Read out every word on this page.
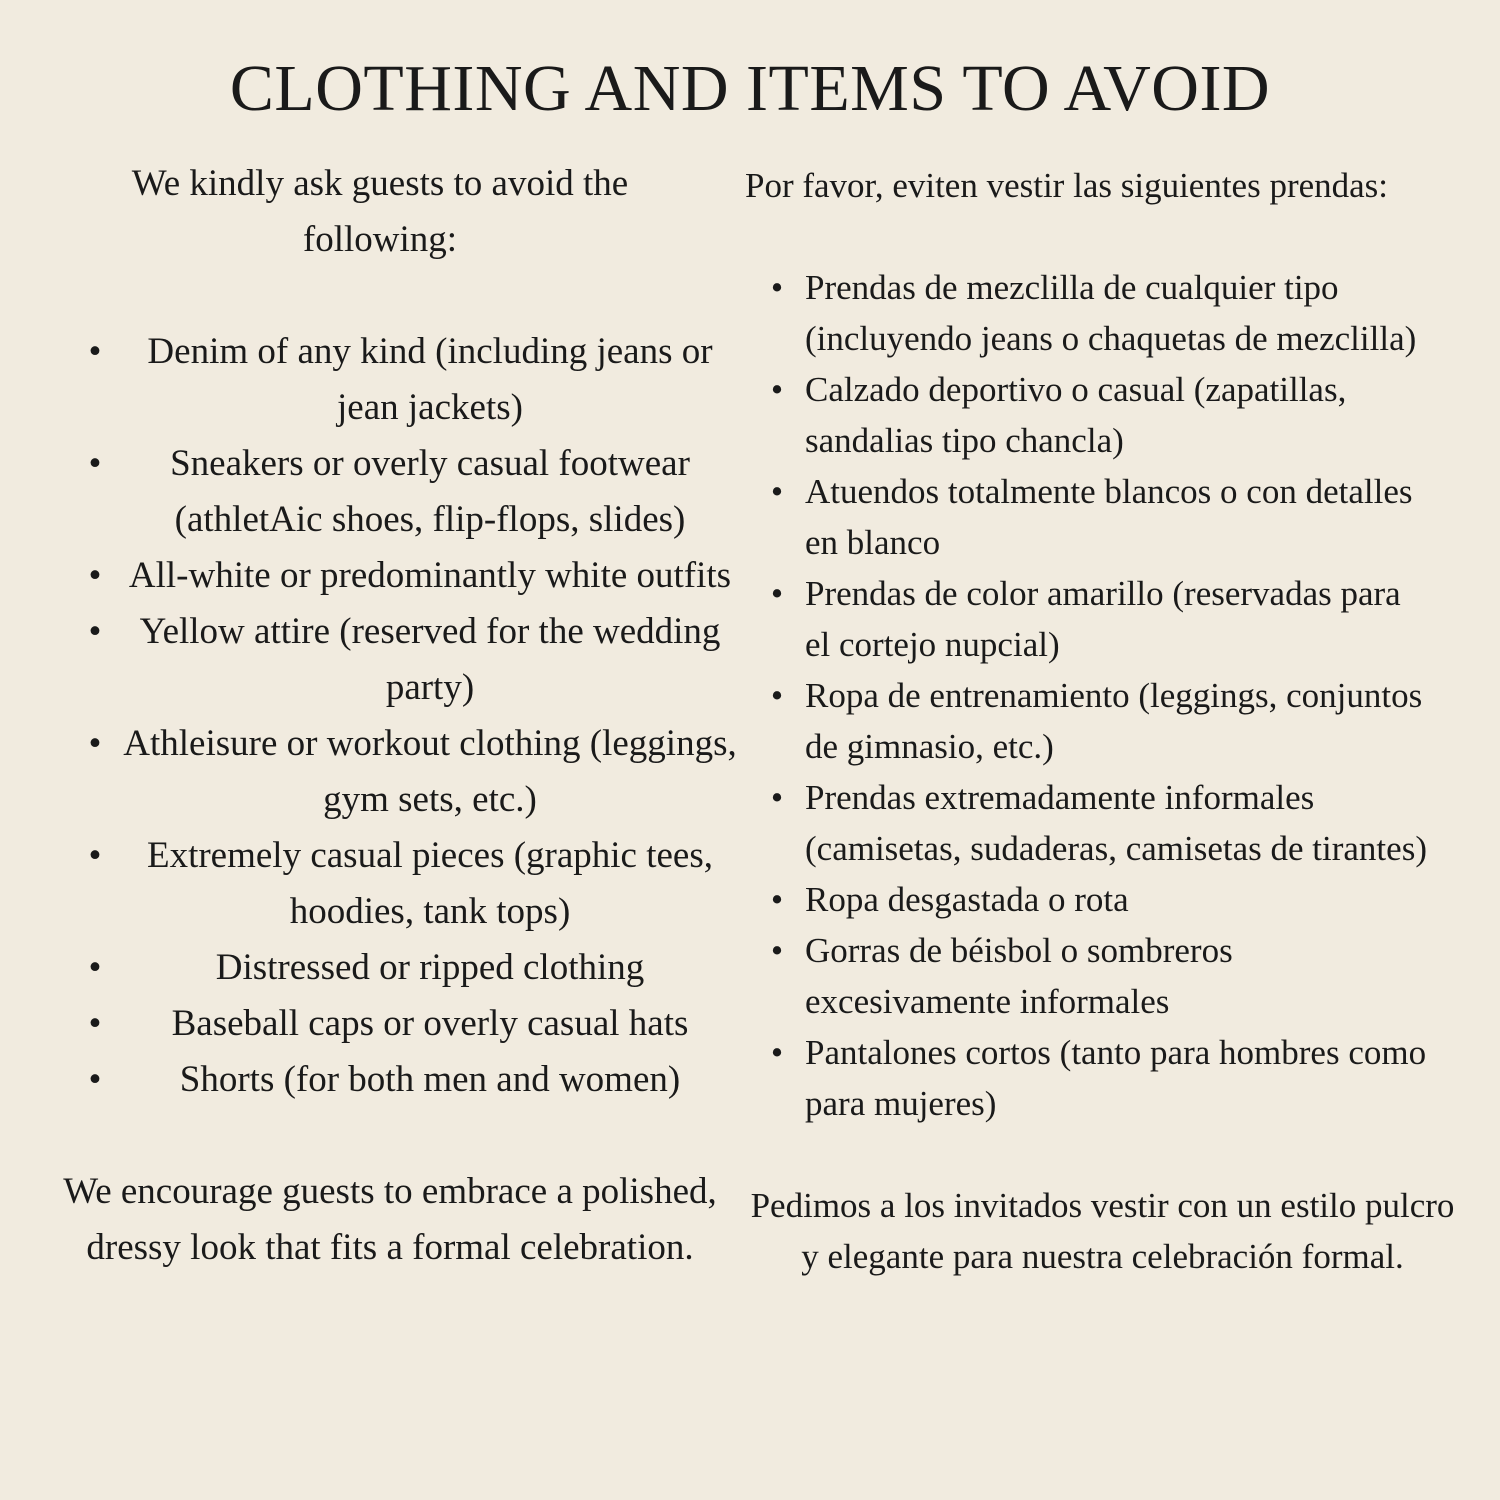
CLOTHING AND ITEMS TO AVOID

We kindly ask guests to avoid the following:

• Denim of any kind (including jeans or jean jackets)
• Sneakers or overly casual footwear (athletAic shoes, flip-flops, slides)
• All-white or predominantly white outfits
• Yellow attire (reserved for the wedding party)
• Athleisure or workout clothing (leggings, gym sets, etc.)
• Extremely casual pieces (graphic tees, hoodies, tank tops)
•	Distressed or ripped clothing
• Baseball caps or overly casual hats
• Shorts (for both men and women)

We encourage guests to embrace a polished, dressy look that fits a formal celebration.

Por favor, eviten vestir las siguientes prendas:

• Prendas de mezclilla de cualquier tipo (incluyendo jeans o chaquetas de mezclilla)
• Calzado deportivo o casual (zapatillas, sandalias tipo chancla)
• Atuendos totalmente blancos o con detalles en blanco
• Prendas de color amarillo (reservadas para el cortejo nupcial)
• Ropa de entrenamiento (leggings, conjuntos de gimnasio, etc.)
• Prendas extremadamente informales (camisetas, sudaderas, camisetas de tirantes)
• Ropa desgastada o rota
• Gorras de béisbol o sombreros excesivamente informales
• Pantalones cortos (tanto para hombres como para mujeres)

Pedimos a los invitados vestir con un estilo pulcro y elegante para nuestra celebración formal.
